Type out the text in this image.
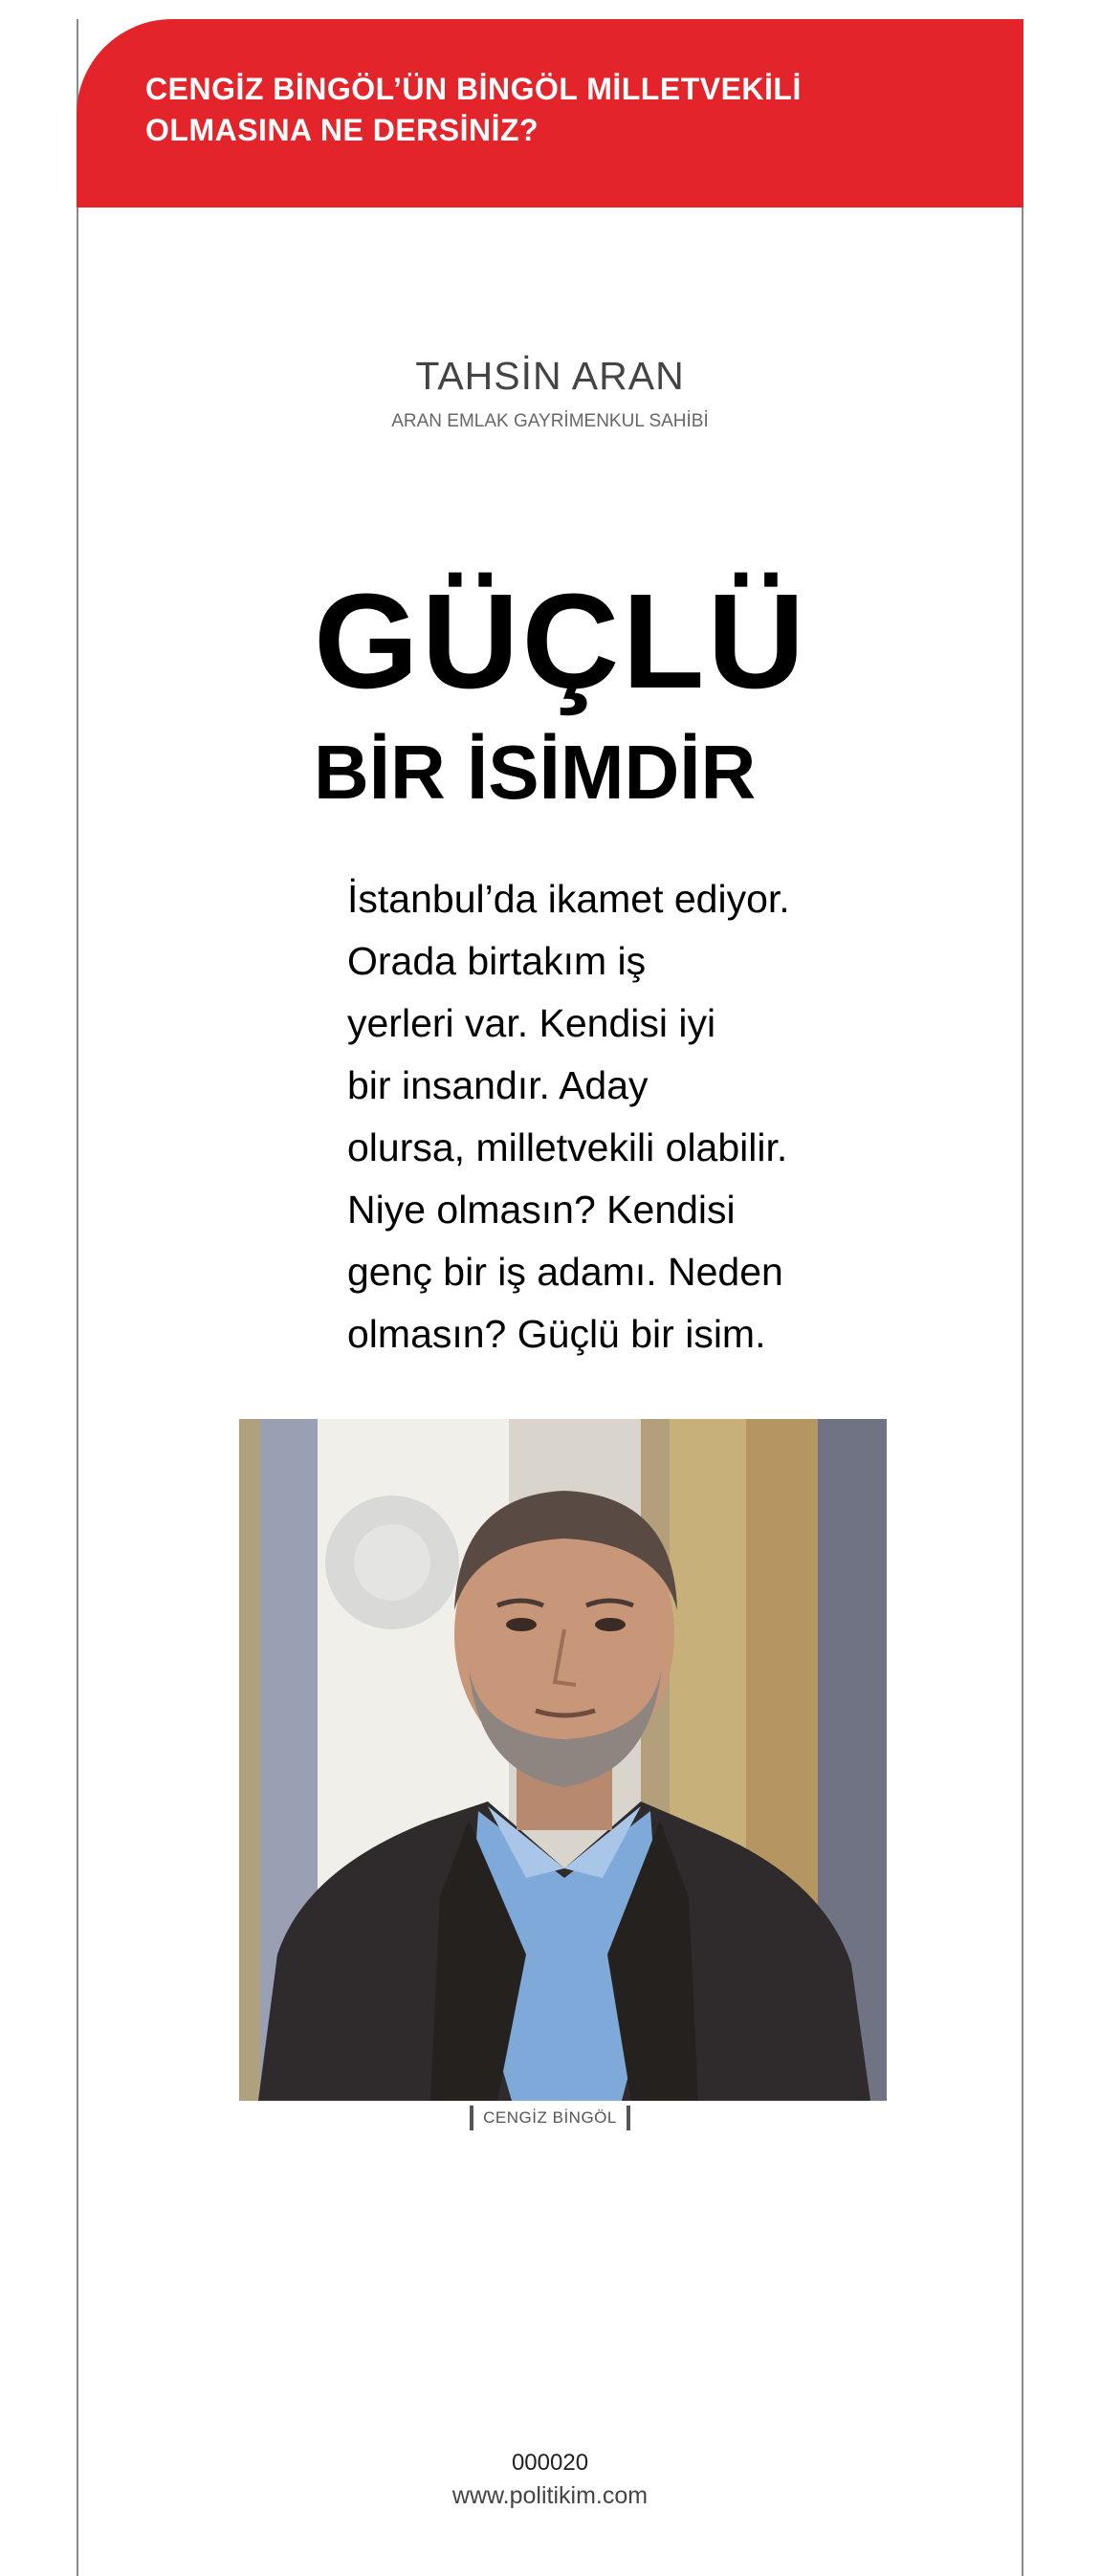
CENGİZ BİNGÖL’ÜN BİNGÖL MİLLETVEKİLİ
OLMASINA NE DERSİNİZ?
TAHSİN ARAN
ARAN EMLAK GAYRİMENKUL SAHİBİ
GÜÇLÜ
BİR İSİMDİR
İstanbul’da ikamet ediyor.
Orada birtakım iş
yerleri var. Kendisi iyi
bir insandır. Aday
olursa, milletvekili olabilir.
Niye olmasın? Kendisi
genç bir iş adamı. Neden
olmasın? Güçlü bir isim.
CENGİZ BİNGÖL
000020
www.politikim.com
